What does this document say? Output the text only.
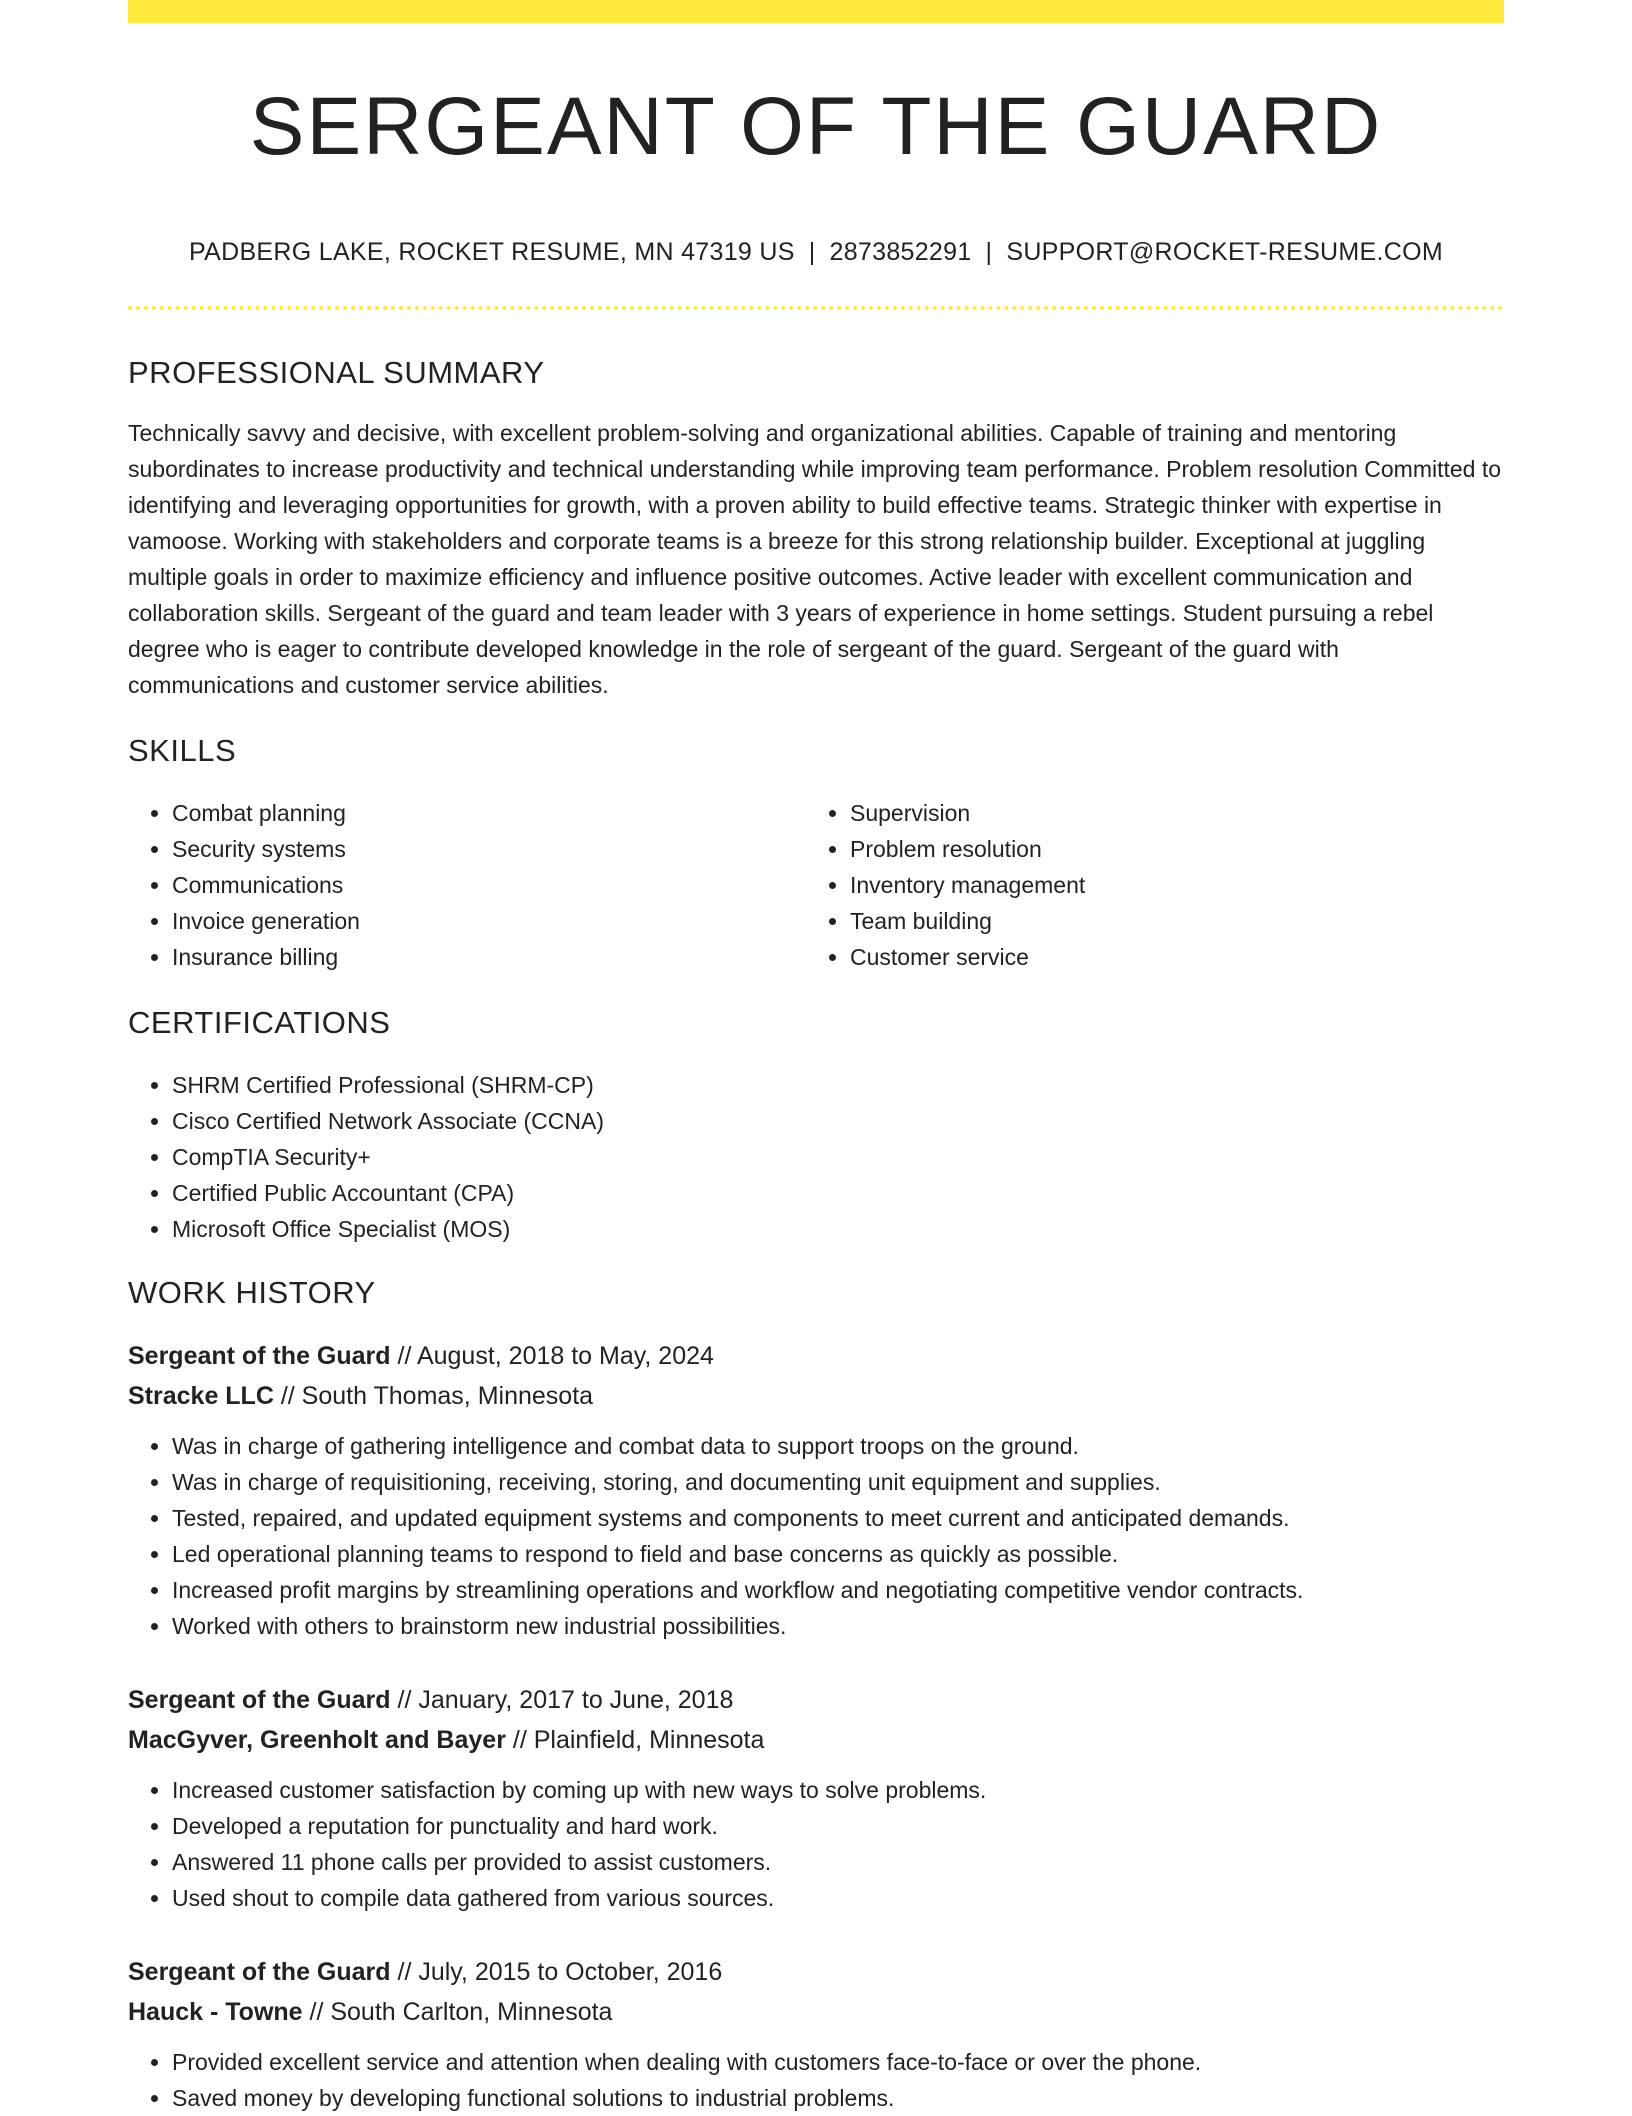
SERGEANT OF THE GUARD
PADBERG LAKE, ROCKET RESUME, MN 47319 US | 2873852291 | SUPPORT@ROCKET-RESUME.COM
PROFESSIONAL SUMMARY

Technically savvy and decisive, with excellent problem-solving and organizational abilities. Capable of training and mentoring subordinates to increase productivity and technical understanding while improving team performance. Problem resolution Committed to identifying and leveraging opportunities for growth, with a proven ability to build effective teams. Strategic thinker with expertise in vamoose. Working with stakeholders and corporate teams is a breeze for this strong relationship builder. Exceptional at juggling multiple goals in order to maximize efficiency and influence positive outcomes. Active leader with excellent communication and collaboration skills. Sergeant of the guard and team leader with 3 years of experience in home settings. Student pursuing a rebel degree who is eager to contribute developed knowledge in the role of sergeant of the guard. Sergeant of the guard with communications and customer service abilities.

SKILLS
• Combat planning
• Security systems
• Communications
• Invoice generation
• Insurance billing
• Supervision
• Problem resolution
• Inventory management
• Team building
• Customer service
CERTIFICATIONS
• SHRM Certified Professional (SHRM-CP)
• Cisco Certified Network Associate (CCNA)
• CompTIA Security+
• Certified Public Accountant (CPA)
• Microsoft Office Specialist (MOS)
WORK HISTORY
Sergeant of the Guard // August, 2018 to May, 2024
Stracke LLC // South Thomas, Minnesota
• Was in charge of gathering intelligence and combat data to support troops on the ground.
• Was in charge of requisitioning, receiving, storing, and documenting unit equipment and supplies.
• Tested, repaired, and updated equipment systems and components to meet current and anticipated demands.
• Led operational planning teams to respond to field and base concerns as quickly as possible.
• Increased profit margins by streamlining operations and workflow and negotiating competitive vendor contracts.
• Worked with others to brainstorm new industrial possibilities.
Sergeant of the Guard // January, 2017 to June, 2018
MacGyver, Greenholt and Bayer // Plainfield, Minnesota
• Increased customer satisfaction by coming up with new ways to solve problems.
• Developed a reputation for punctuality and hard work.
• Answered 11 phone calls per provided to assist customers.
• Used shout to compile data gathered from various sources.
Sergeant of the Guard // July, 2015 to October, 2016
Hauck - Towne // South Carlton, Minnesota
• Provided excellent service and attention when dealing with customers face-to-face or over the phone.
• Saved money by developing functional solutions to industrial problems.
